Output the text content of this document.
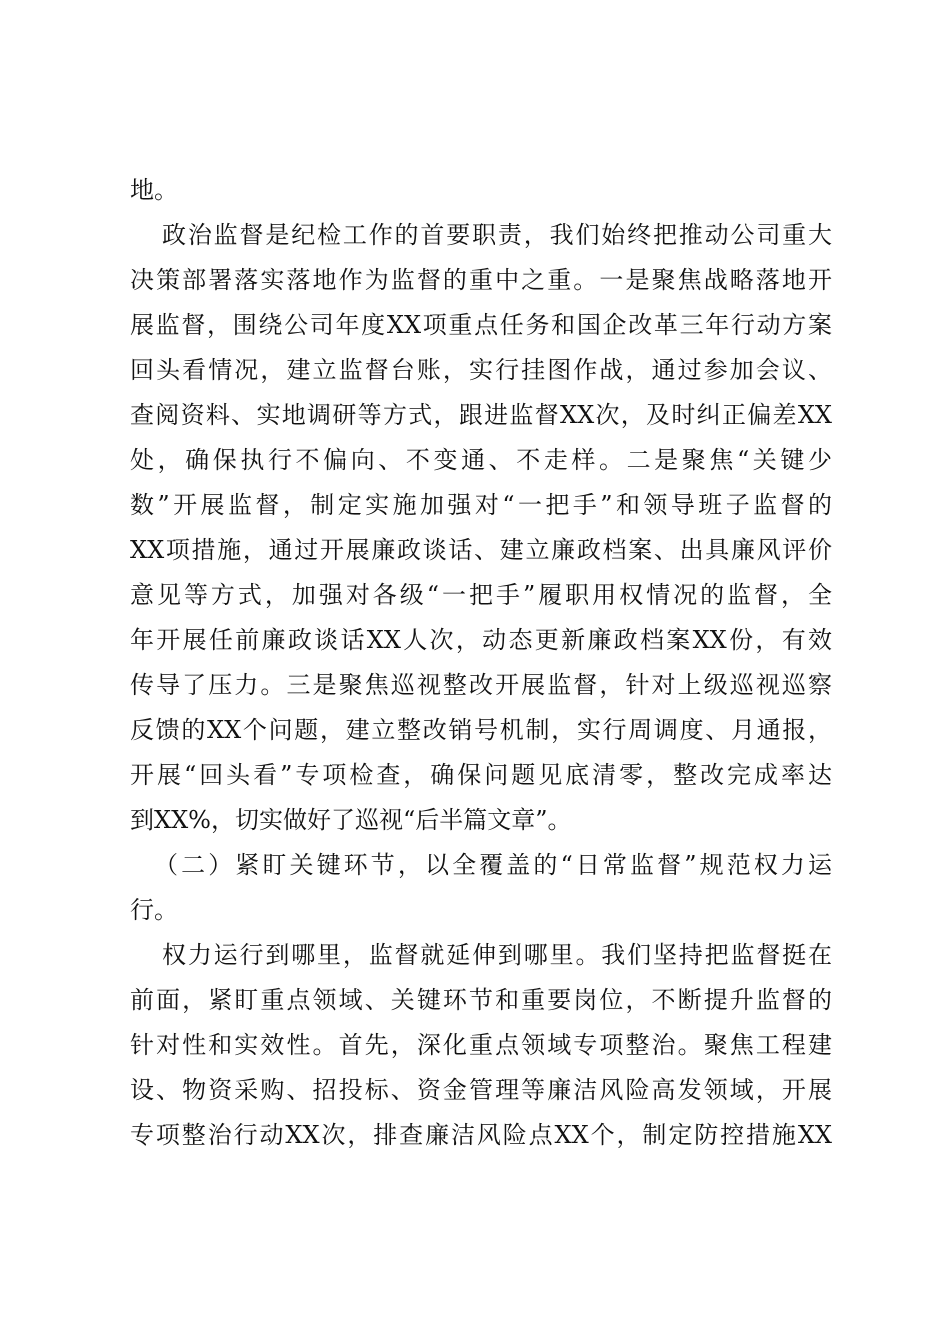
地。
政治监督是纪检工作的首要职责，我们始终把推动公司重大
决策部署落实落地作为监督的重中之重。一是聚焦战略落地开
展监督，围绕公司年度XX项重点任务和国企改革三年行动方案
回头看情况，建立监督台账，实行挂图作战，通过参加会议、
查阅资料、实地调研等方式，跟进监督XX次，及时纠正偏差XX
处，确保执行不偏向、不变通、不走样。二是聚焦“关键少
数”开展监督，制定实施加强对“一把手”和领导班子监督的
XX项措施，通过开展廉政谈话、建立廉政档案、出具廉风评价
意见等方式，加强对各级“一把手”履职用权情况的监督，全
年开展任前廉政谈话XX人次，动态更新廉政档案XX份，有效
传导了压力。三是聚焦巡视整改开展监督，针对上级巡视巡察
反馈的XX个问题，建立整改销号机制，实行周调度、月通报，
开展“回头看”专项检查，确保问题见底清零，整改完成率达
到XX%，切实做好了巡视“后半篇文章”。
（二）紧盯关键环节，以全覆盖的“日常监督”规范权力运
行。
权力运行到哪里，监督就延伸到哪里。我们坚持把监督挺在
前面，紧盯重点领域、关键环节和重要岗位，不断提升监督的
针对性和实效性。首先，深化重点领域专项整治。聚焦工程建
设、物资采购、招投标、资金管理等廉洁风险高发领域，开展
专项整治行动XX次，排查廉洁风险点XX个，制定防控措施XX
